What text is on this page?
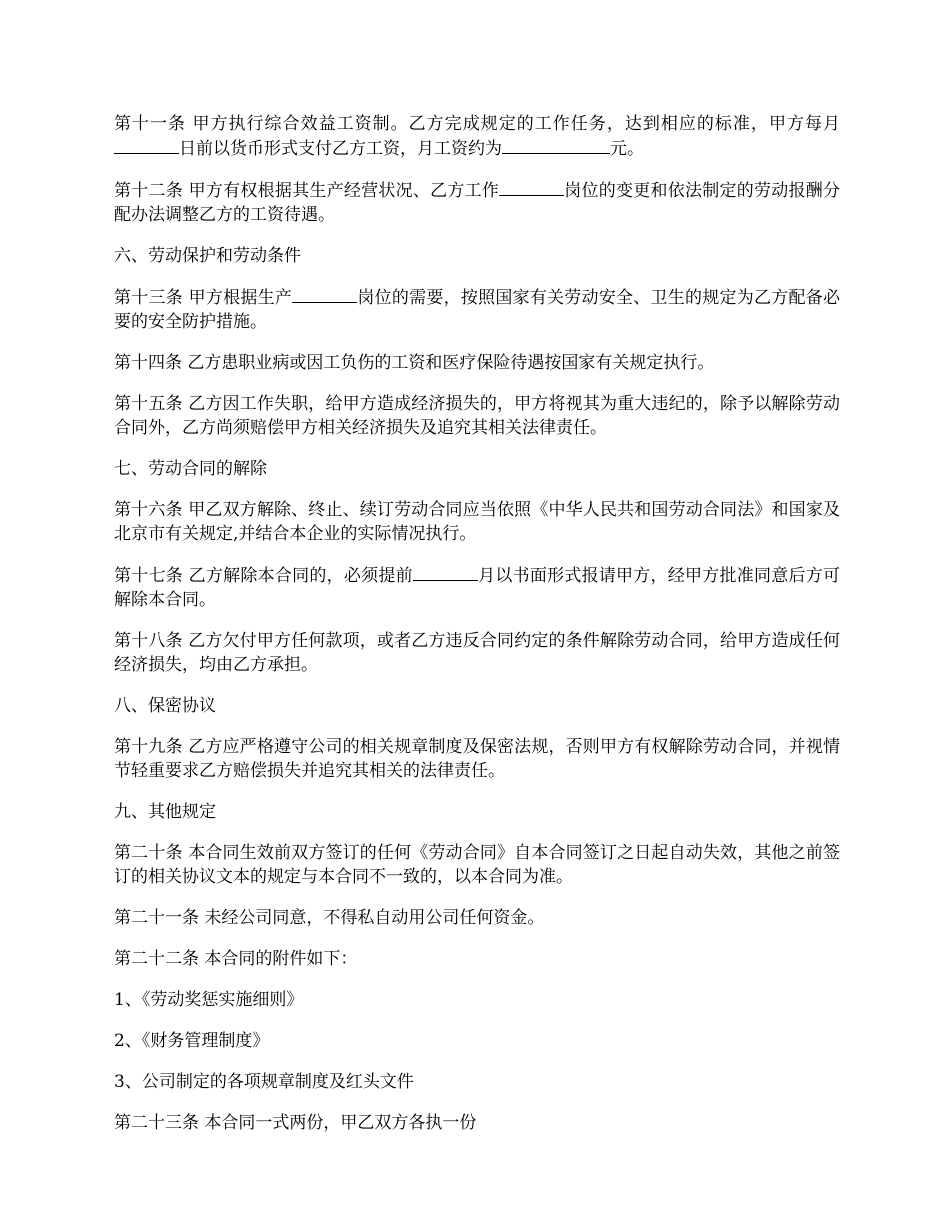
第十一条 甲方执行综合效益工资制。乙方完成规定的工作任务，达到相应的标准，甲方每月日前以货币形式支付乙方工资，月工资约为	元。

第十二条 甲方有权根据其生产经营状况、乙方工作	岗位的变更和依法制定的劳动报酬分配办法调整乙方的工资待遇。

六、劳动保护和劳动条件

第十三条 甲方根据生产	岗位的需要，按照国家有关劳动安全、卫生的规定为乙方配备必要的安全防护措施。

第十四条 乙方患职业病或因工负伤的工资和医疗保险待遇按国家有关规定执行。

第十五条 乙方因工作失职，给甲方造成经济损失的，甲方将视其为重大违纪的，除予以解除劳动合同外，乙方尚须赔偿甲方相关经济损失及追究其相关法律责任。

七、劳动合同的解除

第十六条 甲乙双方解除、终止、续订劳动合同应当依照《中华人民共和国劳动合同法》和国家及北京市有关规定,并结合本企业的实际情况执行。

第十七条 乙方解除本合同的，必须提前	月以书面形式报请甲方，经甲方批准同意后方可解除本合同。

第十八条 乙方欠付甲方任何款项，或者乙方违反合同约定的条件解除劳动合同，给甲方造成任何经济损失，均由乙方承担。

八、保密协议

第十九条 乙方应严格遵守公司的相关规章制度及保密法规，否则甲方有权解除劳动合同，并视情节轻重要求乙方赔偿损失并追究其相关的法律责任。

九、其他规定

第二十条 本合同生效前双方签订的任何《劳动合同》自本合同签订之日起自动失效，其他之前签订的相关协议文本的规定与本合同不一致的，以本合同为准。

第二十一条 未经公司同意，不得私自动用公司任何资金。

第二十二条 本合同的附件如下：

1、《劳动奖惩实施细则》

2、《财务管理制度》

3、公司制定的各项规章制度及红头文件

第二十三条 本合同一式两份，甲乙双方各执一份
